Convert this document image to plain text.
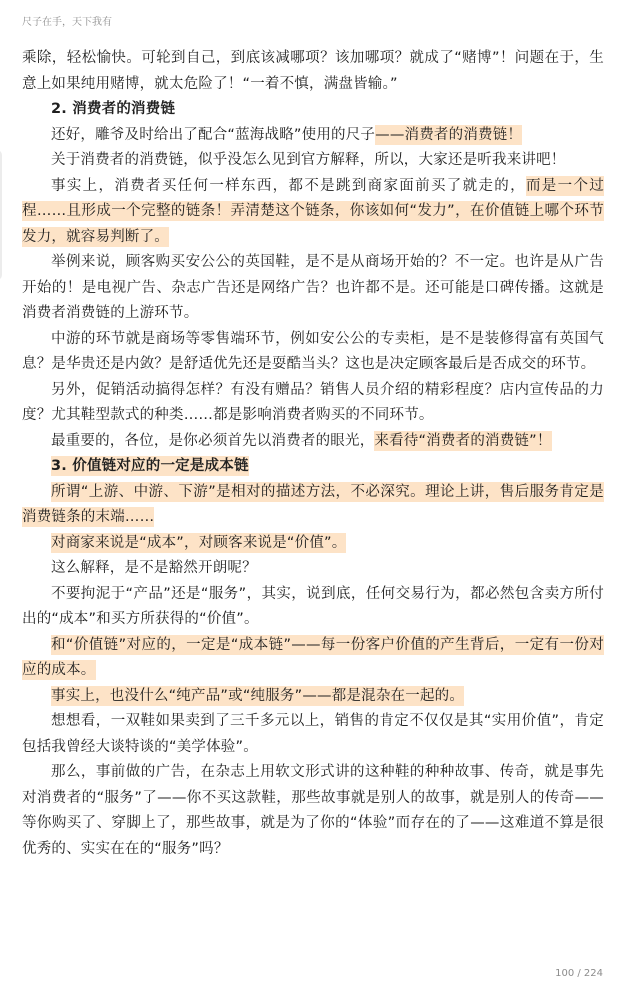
尺子在手，天下我有

乘除，轻松愉快。可轮到自己，到底该减哪项？该加哪项？就成了“赌博”！问题在于，生意上如果纯用赌博，就太危险了！“一着不慎，满盘皆输。”

2. 消费者的消费链

还好，雕爷及时给出了配合“蓝海战略”使用的尺子——消费者的消费链！

关于消费者的消费链，似乎没怎么见到官方解释，所以，大家还是听我来讲吧！

事实上，消费者买任何一样东西，都不是跳到商家面前买了就走的，而是一个过程……且形成一个完整的链条！弄清楚这个链条，你该如何“发力”，在价值链上哪个环节发力，就容易判断了。

举例来说，顾客购买安公公的英国鞋，是不是从商场开始的？不一定。也许是从广告开始的！是电视广告、杂志广告还是网络广告？也许都不是。还可能是口碑传播。这就是消费者消费链的上游环节。

中游的环节就是商场等零售端环节，例如安公公的专卖柜，是不是装修得富有英国气息？是华贵还是内敛？是舒适优先还是耍酷当头？这也是决定顾客最后是否成交的环节。

另外，促销活动搞得怎样？有没有赠品？销售人员介绍的精彩程度？店内宣传品的力度？尤其鞋型款式的种类……都是影响消费者购买的不同环节。

最重要的，各位，是你必须首先以消费者的眼光，来看待“消费者的消费链”！

3. 价值链对应的一定是成本链

所谓“上游、中游、下游”是相对的描述方法，不必深究。理论上讲，售后服务肯定是消费链条的末端……

对商家来说是“成本”，对顾客来说是“价值”。

这么解释，是不是豁然开朗呢？

不要拘泥于“产品”还是“服务”，其实，说到底，任何交易行为，都必然包含卖方所付出的“成本”和买方所获得的“价值”。

和“价值链”对应的，一定是“成本链”——每一份客户价值的产生背后，一定有一份对应的成本。

事实上，也没什么“纯产品”或“纯服务”——都是混杂在一起的。

想想看，一双鞋如果卖到了三千多元以上，销售的肯定不仅仅是其“实用价值”，肯定包括我曾经大谈特谈的“美学体验”。

那么，事前做的广告，在杂志上用软文形式讲的这种鞋的种种故事、传奇，就是事先对消费者的“服务”了——你不买这款鞋，那些故事就是别人的故事，就是别人的传奇——等你购买了、穿脚上了，那些故事，就是为了你的“体验”而存在的了——这难道不算是很优秀的、实实在在的“服务”吗？

100 / 224
